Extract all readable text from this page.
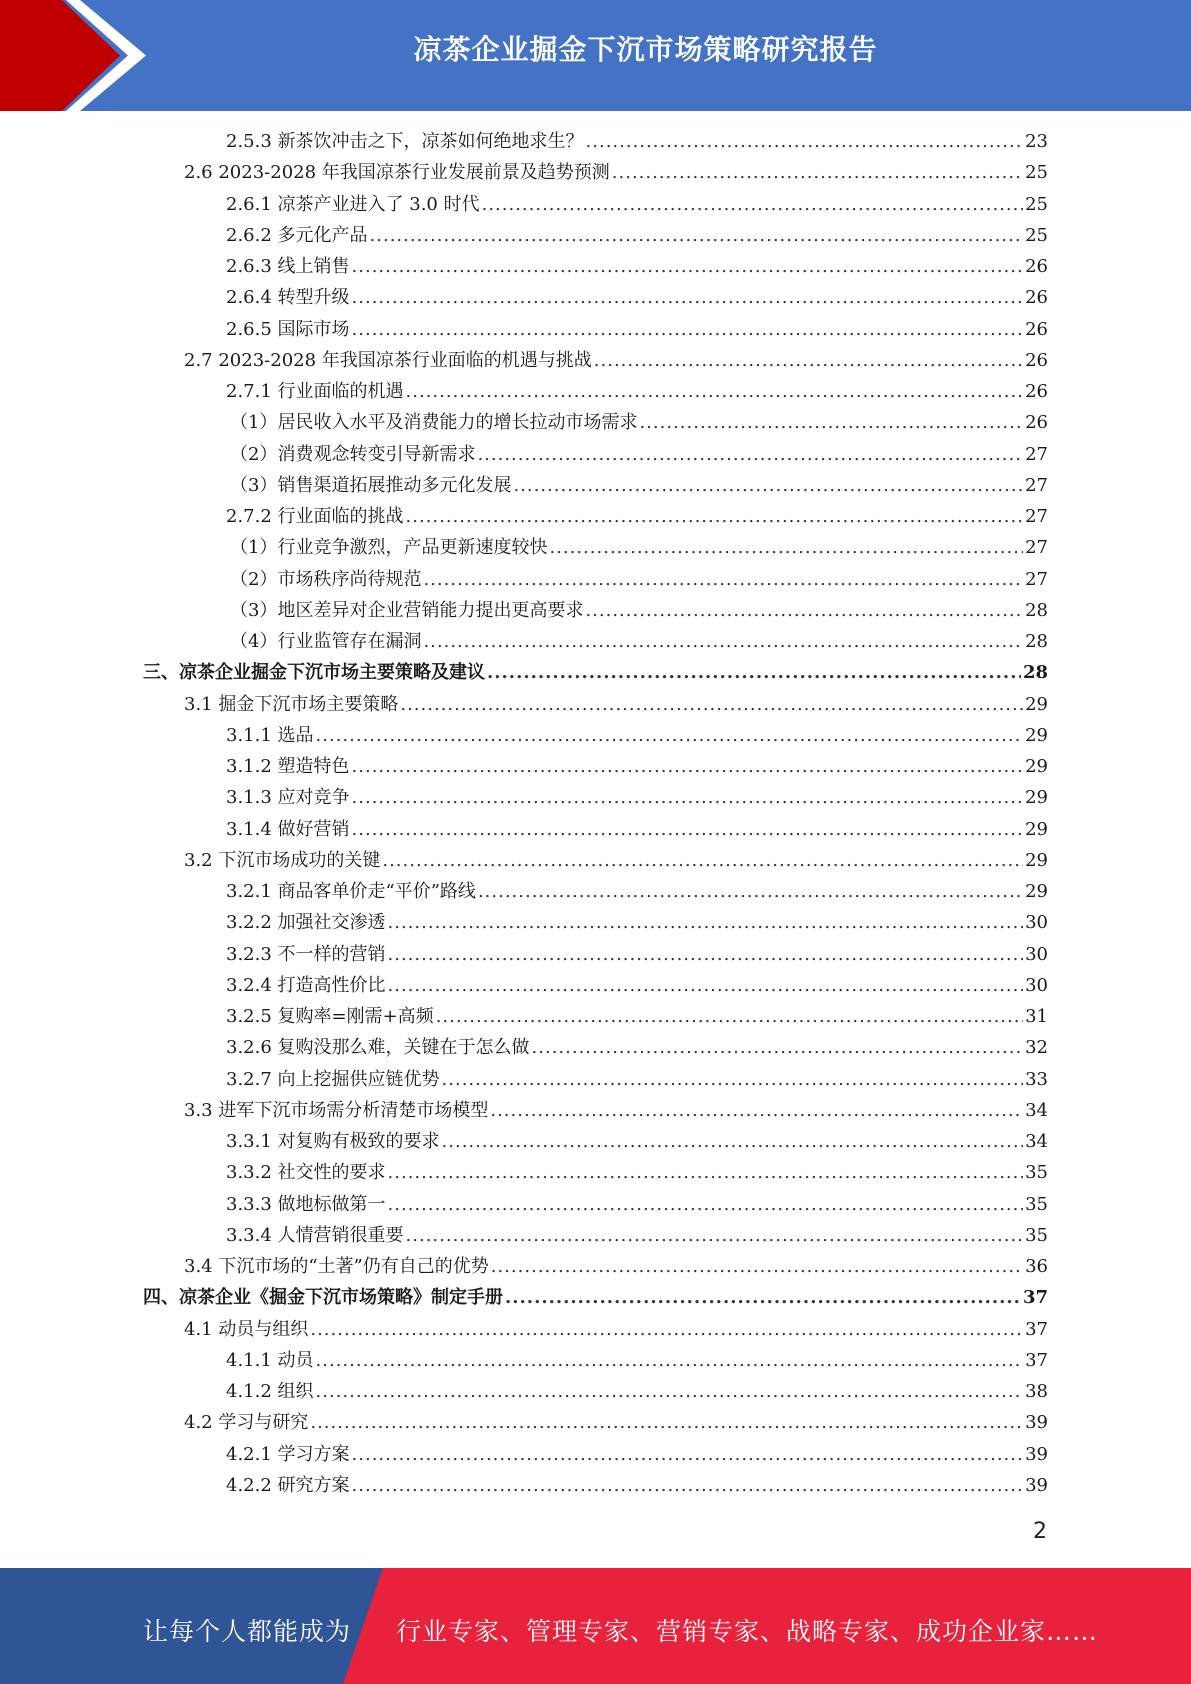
凉茶企业掘金下沉市场策略研究报告
2.5.3 新茶饮冲击之下，凉茶如何绝地求生？ .....	23
2.6 2023-2028 年我国凉茶行业发展前景及趋势预测 .....	25
2.6.1 凉茶产业进入了 3.0 时代 .....	25
2.6.2 多元化产品 .....	25
2.6.3 线上销售 .....	26
2.6.4 转型升级 .....	26
2.6.5 国际市场 .....	26
2.7 2023-2028 年我国凉茶行业面临的机遇与挑战 .....	26
2.7.1 行业面临的机遇 .....	26
（1）居民收入水平及消费能力的增长拉动市场需求 .....	26
（2）消费观念转变引导新需求 .....	27
（3）销售渠道拓展推动多元化发展 .....	27
2.7.2 行业面临的挑战 .....	27
（1）行业竞争激烈，产品更新速度较快 .....	27
（2）市场秩序尚待规范 .....	27
（3）地区差异对企业营销能力提出更高要求 .....	28
（4）行业监管存在漏洞 .....	28
三、凉茶企业掘金下沉市场主要策略及建议 .....	28
3.1 掘金下沉市场主要策略 .....	29
3.1.1 选品 .....	29
3.1.2 塑造特色 .....	29
3.1.3 应对竞争 .....	29
3.1.4 做好营销 .....	29
3.2 下沉市场成功的关键 .....	29
3.2.1 商品客单价走“平价”路线 .....	29
3.2.2 加强社交渗透 .....	30
3.2.3 不一样的营销 .....	30
3.2.4 打造高性价比 .....	30
3.2.5 复购率=刚需+高频 .....	31
3.2.6 复购没那么难，关键在于怎么做 .....	32
3.2.7 向上挖掘供应链优势 .....	33
3.3 进军下沉市场需分析清楚市场模型 .....	34
3.3.1 对复购有极致的要求 .....	34
3.3.2 社交性的要求 .....	35
3.3.3 做地标做第一 .....	35
3.3.4 人情营销很重要 .....	35
3.4 下沉市场的“土著”仍有自己的优势 .....	36
四、凉茶企业《掘金下沉市场策略》制定手册 .....	37
4.1 动员与组织 .....	37
4.1.1 动员 .....	37
4.1.2 组织 .....	38
4.2 学习与研究 .....	39
4.2.1 学习方案 .....	39
4.2.2 研究方案 .....	39
2
让每个人都能成为 行业专家、管理专家、营销专家、战略专家、成功企业家……
